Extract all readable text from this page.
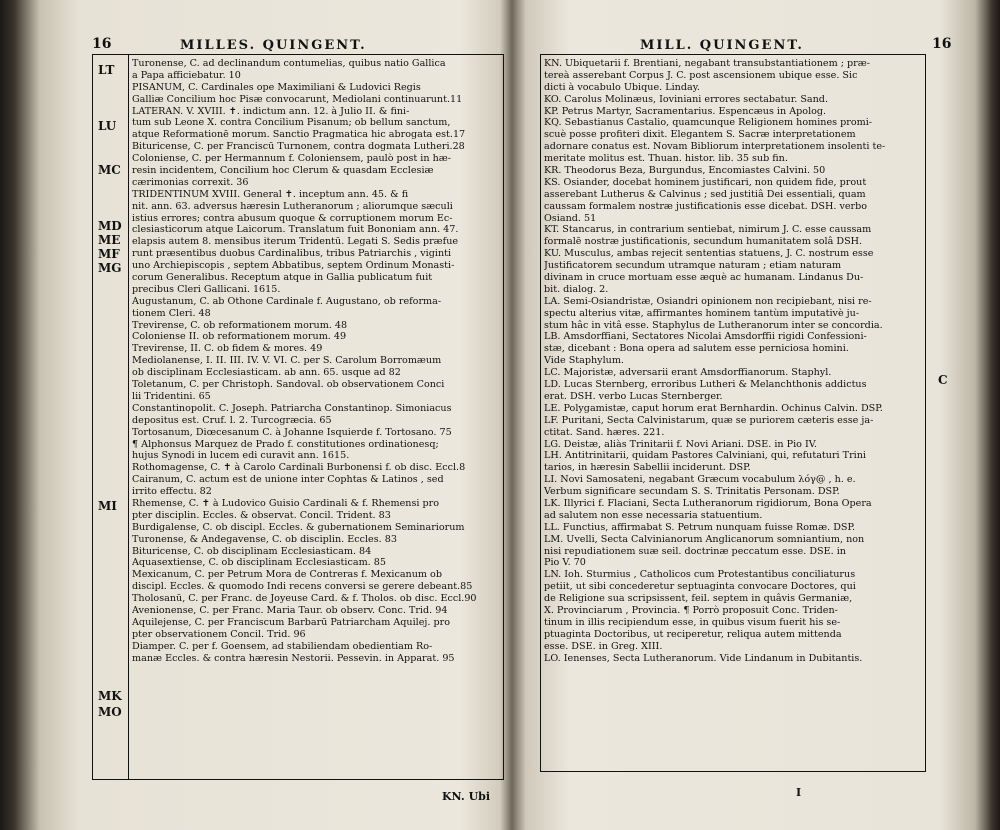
16	MILLES. QUINGENT.
LT
LU
MC
MD
ME
MF
MG
MI
MK
MO
Turonense, C. ad declinandum contumelias, quibus natio Gallica
a Papa afficiebatur. 10
PISANUM, C. Cardinales ope Maximiliani & Ludovici Regis
Galliæ Concilium hoc Pisæ convocarunt, Mediolani continuarunt.11
LATERAN. V. XVIII. ✝. indictum ann. 12. à Julio II. & fini-
tum sub Leone X. contra Concilium Pisanum; ob bellum sanctum,
atque Reformationē morum. Sanctio Pragmatica hic abrogata est.17
Bituricense, C. per Franciscū Turnonem, contra dogmata Lutheri.28
Coloniense, C. per Hermannum f. Coloniensem, paulò post in hæ-
resin incidentem, Concilium hoc Clerum & quasdam Ecclesiæ
cærimonias correxit. 36
TRIDENTINUM XVIII. General ✝. inceptum ann. 45. & fi
nit. ann. 63. adversus hæresin Lutheranorum ; aliorumque sæculi
istius errores; contra abusum quoque & corruptionem morum Ec-
clesiasticorum atque Laicorum. Translatum fuit Bononiam ann. 47.
elapsis autem 8. mensibus iterum Tridentū. Legati S. Sedis præfue
runt præsentibus duobus Cardinalibus, tribus Patriarchis , viginti
uno Archiepiscopis , septem Abbatibus, septem Ordinum Monasti-
corum Generalibus. Receptum atque in Gallia publicatum fuit
precibus Cleri Gallicani. 1615.
Augustanum, C. ab Othone Cardinale f. Augustano, ob reforma-
tionem Cleri. 48
Trevirense, C. ob reformationem morum. 48
Coloniense II. ob reformationem morum. 49
Trevirense, II. C. ob fidem & mores. 49
Mediolanense, I. II. III. IV. V. VI. C. per S. Carolum Borromæum
ob disciplinam Ecclesiasticam. ab ann. 65. usque ad 82
Toletanum, C. per Christoph. Sandoval. ob observationem Conci
lii Tridentini. 65
Constantinopolit. C. Joseph. Patriarcha Constantinop. Simoniacus
depositus est. Cruf. l. 2. Turcogræcia. 65
Tortosanum, Diœcesanum C. à Johanne Isquierde f. Tortosano. 75
¶ Alphonsus Marquez de Prado f. constitutiones ordinationesq;
hujus Synodi in lucem edi curavit ann. 1615.
Rothomagense, C. ✝ à Carolo Cardinali Burbonensi f. ob disc. Eccl.8
Cairanum, C. actum est de unione inter Cophtas & Latinos , sed
irrito effectu. 82
Rhemense, C. ✝ à Ludovico Guisio Cardinali & f. Rhemensi pro
pter disciplin. Eccles. & observat. Concil. Trident. 83
Burdigalense, C. ob discipl. Eccles. & gubernationem Seminariorum
Turonense, & Andegavense, C. ob disciplin. Eccles. 83
Bituricense, C. ob disciplinam Ecclesiasticam. 84
Aquasextiense, C. ob disciplinam Ecclesiasticam. 85
Mexicanum, C. per Petrum Mora de Contreras f. Mexicanum ob
discipl. Eccles. & quomodo Indi recens conversi se gerere debeant.85
Tholosanū, C. per Franc. de Joyeuse Card. & f. Tholos. ob disc. Eccl.90
Avenionense, C. per Franc. Maria Taur. ob observ. Conc. Trid. 94
Aquilejense, C. per Franciscum Barbarū Patriarcham Aquilej. pro
pter observationem Concil. Trid. 96
Diamper. C. per f. Goensem, ad stabiliendam obedientiam Ro-
manæ Eccles. & contra hæresin Nestorii. Pessevin. in Apparat. 95
KN. Ubi
MILL. QUINGENT.	16
KN. Ubiquetarii f. Brentiani, negabant transubstantiationem ; præ-
tereà asserebant Corpus J. C. post ascensionem ubique esse. Sic
dicti à vocabulo Ubique. Linday.
KO. Carolus Molinæus, Ioviniani errores sectabatur. Sand.
KP. Petrus Martyr, Sacramentarius. Espencæus in Apolog.
KQ. Sebastianus Castalio, quamcunque Religionem homines promi-
scuè posse profiteri dixit. Elegantem S. Sacræ interpretationem
adornare conatus est. Novam Bibliorum interpretationem insolenti te-
meritate molitus est. Thuan. histor. lib. 35 sub fin.
KR. Theodorus Beza, Burgundus, Encomiastes Calvini. 50
KS. Osiander, docebat hominem justificari, non quidem fide, prout
asserebant Lutherus & Calvinus ; sed justitiâ Dei essentiali, quam
caussam formalem nostræ justificationis esse dicebat. DSH. verbo
Osiand. 51
KT. Stancarus, in contrarium sentiebat, nimirum J. C. esse caussam
formalē nostræ justificationis, secundum humanitatem solâ DSH.
KU. Musculus, ambas rejecit sententias statuens, J. C. nostrum esse
Justificatorem secundum utramque naturam ; etiam naturam
divinam in cruce mortuam esse æquè ac humanam. Lindanus Du-
bit. dialog. 2.
LA. Semi-Osiandristæ, Osiandri opinionem non recipiebant, nisi re-
spectu alterius vitæ, affirmantes hominem tantùm imputativè ju-
stum hâc in vitâ esse. Staphylus de Lutheranorum inter se concordia.
LB. Amsdorffiani, Sectatores Nicolai Amsdorffii rigidi Confessioni-
stæ, dicebant : Bona opera ad salutem esse perniciosa homini.
Vide Staphylum.
LC. Majoristæ, adversarii erant Amsdorffianorum. Staphyl.
LD. Lucas Sternberg, erroribus Lutheri & Melanchthonis addictus
erat. DSH. verbo Lucas Sternberger.
LE. Polygamistæ, caput horum erat Bernhardin. Ochinus Calvin. DSP.
LF. Puritani, Secta Calvinistarum, quæ se puriorem cæteris esse ja-
ctitat. Sand. hæres. 221.
LG. Deistæ, aliàs Trinitarii f. Novi Ariani. DSE. in Pio IV.
LH. Antitrinitarii, quidam Pastores Calviniani, qui, refutaturi Trini
tarios, in hæresin Sabellii inciderunt. DSP.
LI. Novi Samosateni, negabant Græcum vocabulum λόγ@ , h. e.
Verbum significare secundam S. S. Trinitatis Personam. DSP.
LK. Illyrici f. Flaciani, Secta Lutheranorum rigidiorum, Bona Opera
ad salutem non esse necessaria statuentium.
LL. Functius, affirmabat S. Petrum nunquam fuisse Romæ. DSP.
LM. Uvelli, Secta Calvinianorum Anglicanorum somniantium, non
nisi repudiationem suæ seil. doctrinæ peccatum esse. DSE. in
Pio V. 70
LN. Ioh. Sturmius , Catholicos cum Protestantibus conciliaturus
petiit, ut sibi concederetur septuaginta convocare Doctores, qui
de Religione sua scripsissent, feil. septem in quâvis Germaniæ,
X. Provinciarum , Provincia. ¶ Porrò proposuit Conc. Triden-
tinum in illis recipiendum esse, in quibus visum fuerit his se-
ptuaginta Doctoribus, ut reciperetur, reliqua autem mittenda
esse. DSE. in Greg. XIII.
LO. Ienenses, Secta Lutheranorum. Vide Lindanum in Dubitantis.
C
I
